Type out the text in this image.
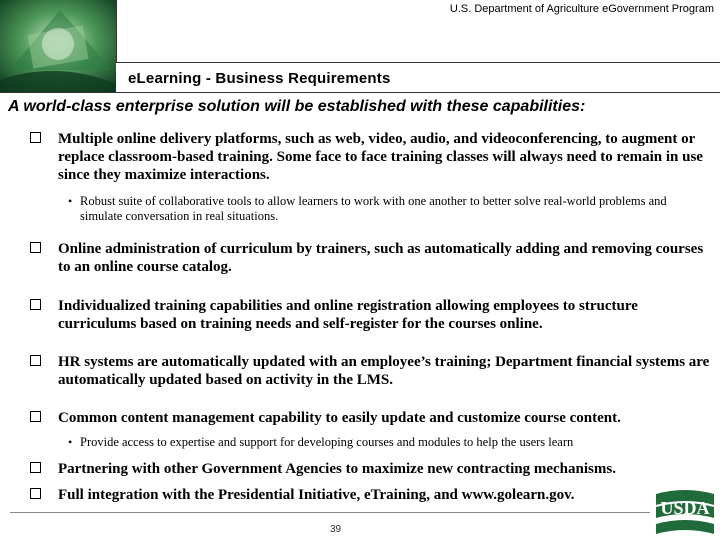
U.S. Department of Agriculture eGovernment Program
eLearning - Business Requirements
A world-class enterprise solution will be established with these capabilities:
Multiple online delivery platforms, such as web, video, audio, and videoconferencing, to augment or replace classroom-based training. Some face to face training classes will always need to remain in use since they maximize interactions.
• Robust suite of collaborative tools to allow learners to work with one another to better solve real-world problems and simulate conversation in real situations.
Online administration of curriculum by trainers, such as automatically adding and removing courses to an online course catalog.
Individualized training capabilities and online registration allowing employees to structure curriculums based on training needs and self-register for the courses online.
HR systems are automatically updated with an employee’s training; Department financial systems are automatically updated based on activity in the LMS.
Common content management capability to easily update and customize course content.
• Provide access to expertise and support for developing courses and modules to help the users learn
Partnering with other Government Agencies to maximize new contracting mechanisms.
Full integration with the Presidential Initiative, eTraining, and www.golearn.gov.
39
USDA
